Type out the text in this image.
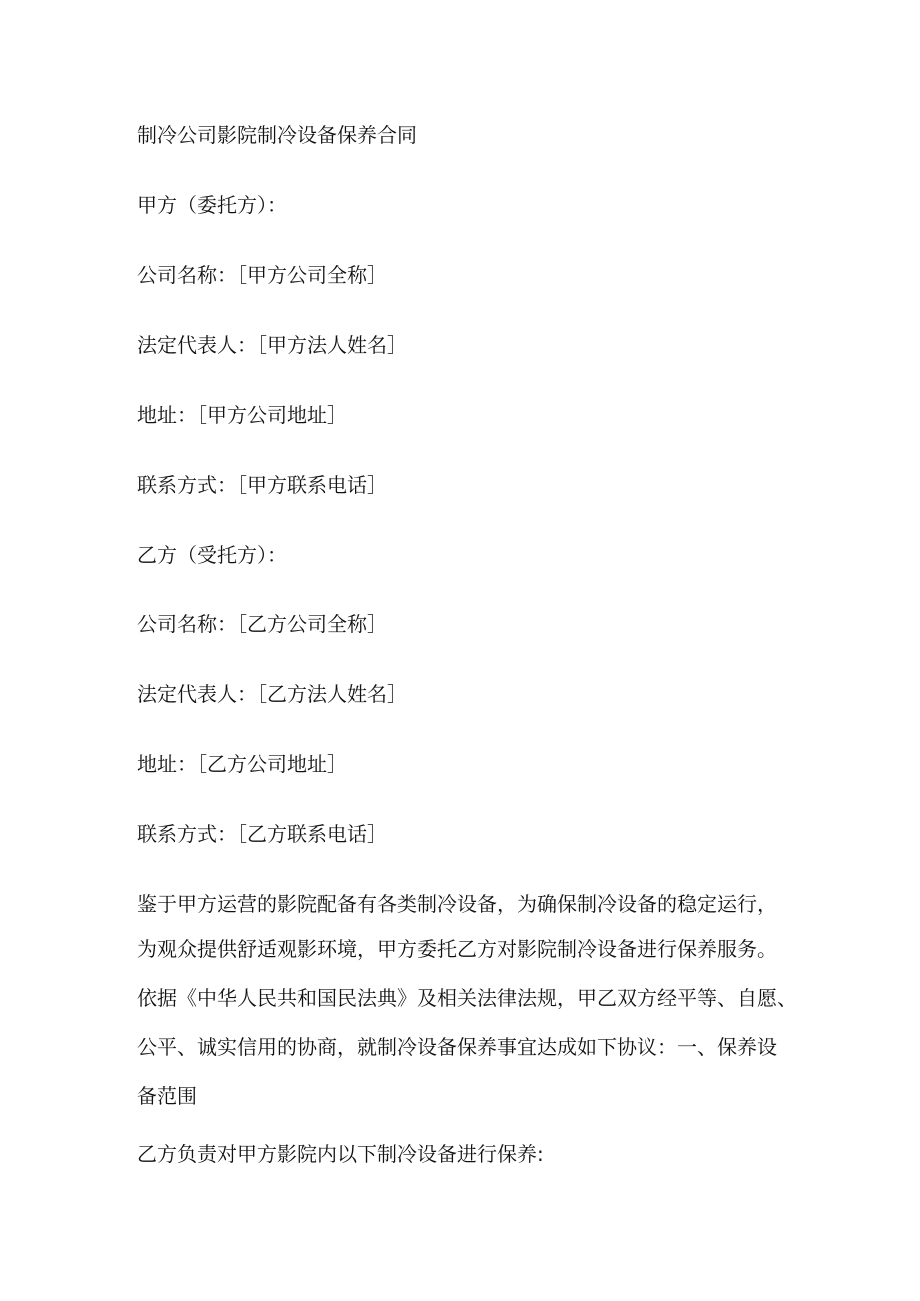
制冷公司影院制冷设备保养合同
甲方（委托方）：
公司名称：［甲方公司全称］
法定代表人：［甲方法人姓名］
地址：［甲方公司地址］
联系方式：［甲方联系电话］
乙方（受托方）：
公司名称：［乙方公司全称］
法定代表人：［乙方法人姓名］
地址：［乙方公司地址］
联系方式：［乙方联系电话］
鉴于甲方运营的影院配备有各类制冷设备，为确保制冷设备的稳定运行，
为观众提供舒适观影环境，甲方委托乙方对影院制冷设备进行保养服务。
依据《中华人民共和国民法典》及相关法律法规，甲乙双方经平等、自愿、
公平、诚实信用的协商，就制冷设备保养事宜达成如下协议：一、保养设
备范围
乙方负责对甲方影院内以下制冷设备进行保养:
